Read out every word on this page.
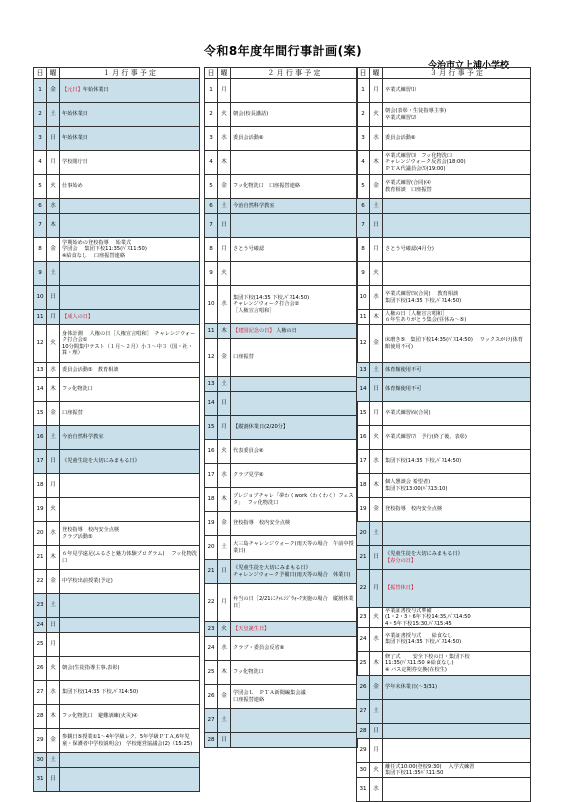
令和8年度年間行事計画(案)
今治市立上浦小学校
日	曜	１ 月 行 事 予 定
1	金	【元日】年始休業日
2	土	年始休業日
3	日	年始休業日
4	月	学校閉庁日
5	火	仕事始め
6	水	
7	木	
8	金	学期始めの登校指導　 始業式
学団会　 集団下校11:35(ﾊﾞｽ11:50)
※給食なし　 口座振替連絡
9	土	
10	日	
11	月	【成人の日】
12	火	身体計測　 人権の日［人権宣言唱和］　チャレンジウォーク打合会①
10分間集中テスト（１月～２月）小３～中３（国・社・算・理）
13	水	委員会活動⑤　教育相談
14	木	フッ化物洗口
15	金	口座振替
16	土	今治自然科学教室
17	日	《児童生徒を大切にみまもる日》
18	月	
19	火	
20	水	登校指導　校内安全点検
クラブ活動⑤
21	木	６年見学遠足(ふるさと魅力体験プログラム)　 フッ化物洗口
22	金	中学校出前授業(予定)
23	土	
24	日	
25	月	
26	火	朝会(生徒指導主事,表彰)
27	水	集団下校(14:35 下校,ﾊﾞｽ14:50)
28	木	フッ化物洗口　避難訓練(火災)④
29	金	参観日⑤授業①1～4年学級レク、5年学級ＰＴＡ,6年児童・保護者中学校説明会)　学校運営協議会(2)（15:25)
30	土	
31	日	
日	曜	２ 月 行 事 予 定
1	月	
2	火	朝会(校長講話)
3	水	委員会活動⑥
4	木	
5	金	フッ化物洗口　口座振替連絡
6	土	今治自然科学教室
7	日	
8	月	さとう号確認
9	火	
10	水	集団下校(14:35 下校,ﾊﾞｽ14:50)
チャレンジウォーク打合会②
［人権宣言唱和］
11	木	【建国記念の日】 人権の日
12	金	口座振替
13	土	
14	日	
15	月	【縦割休業日(2/20分】
16	火	代表委員会⑥
17	水	クラブ見学⑥
18	木	プレジョブチャレ「夢わくwork（わくわく）フェスタ」　 フッ化物洗口
19	金	登校指導　校内安全点検
20	土	大三島チャレンジウォーク(雨天等の場合　午前中授業日)
21	日	《児童生徒を大切にみまもる日》
チャレンジウォーク予備日(雨天等の場合　休業日)
22	月	弁当の日［2/21にﾁｬﾚﾝｼﾞｳｫｰｸ実施の場合　縦割休業日］
23	火	【天皇誕生日】
24	水	クラブ・委員会反省⑥
25	木	フッ化物洗口
26	金	学団会Ｌ　ＰＴＡ新聞編集会議
口座振替連絡
27	土	
28	日	
日	曜	３ 月 行 事 予 定
1	月	卒業式練習⑴
2	火	朝会(表彰・生徒指導主事)
卒業式練習⑵
3	水	委員会活動⑥
4	木	卒業式練習⑶　フッ化物洗口
チャレンジウォーク反省会(18:00)
ＰＴＡ代議員会⑸(19:00)
5	金	卒業式練習(合同)⑷
教育相談　口座振替
6	土	
7	日	
8	月	さとう号確認(4月分)
9	火	
10	水	卒業式練習⑸(合同)　 教育相談
集団下校(14:35 下校,ﾊﾞｽ14:50)
11	木	人権の日［人権宣言唱和］
６年生ありがとう集会(昼休み～⑤)
12	金	床磨き⑤　集団下校14:35(ﾊﾞｽ14:50)　 ワックスがけ(体育館使用不可)
13	土	体育館使用不可
14	日	体育館使用不可
15	月	卒業式練習⑹(合同)
16	火	卒業式練習⑺　予行(終了後、表彰)
17	水	集団下校(14:35 下校,ﾊﾞｽ14:50)
18	木	個人懇談会 希望者)
集団下校13:00(ﾊﾞｽ13:10)
19	金	登校指導　校内安全点検
20	土	
21	日	《児童生徒を大切にみまもる日》
【春分の日】
22	月	【振替休日】
23	火	卒業証書授与式準備
(1・2・3・6年下校14:35,ﾊﾞｽ14:50
4・5年下校15:30,ﾊﾞｽ15:45
24	水	卒業証書授与式　　給食なし
集団下校(14:35 下校,ﾊﾞｽ14:50)
25	木	修了式　　 安全下校の日・集団下校
11:35(ﾊﾞｽ11:50 ※給食なし)
※ バス定期券交換(在校生)
26	金	学年末休業日(～3/31)
27	土	
28	日	
29	月	
30	火	離任式10:00(登校9:30)　 入学式練習
集団下校11:35ﾊﾞｽ11:50
31	水	
